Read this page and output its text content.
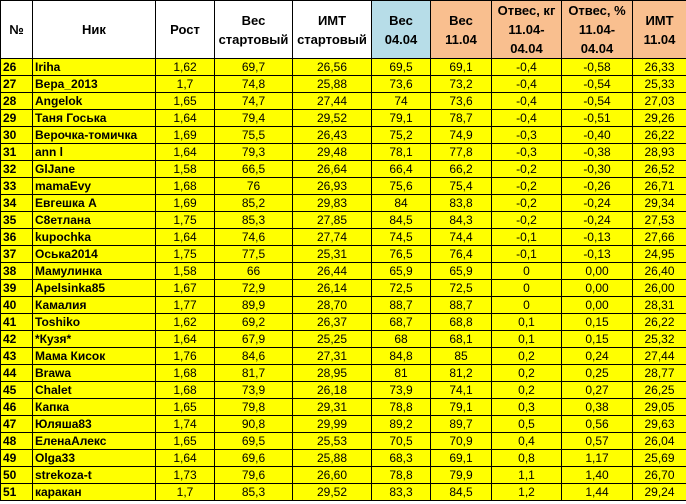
№	Ник	Рост	Вес стартовый	ИМТ стартовый	Вес 04.04	Вес 11.04	Отвес, кг 11.04-04.04	Отвес, % 11.04-04.04	ИМТ 11.04
26	Iriha	1,62	69,7	26,56	69,5	69,1	-0,4	-0,58	26,33
27	Вера_2013	1,7	74,8	25,88	73,6	73,2	-0,4	-0,54	25,33
28	Angelok	1,65	74,7	27,44	74	73,6	-0,4	-0,54	27,03
29	Таня Госька	1,64	79,4	29,52	79,1	78,7	-0,4	-0,51	29,26
30	Верочка-томичка	1,69	75,5	26,43	75,2	74,9	-0,3	-0,40	26,22
31	ann l	1,64	79,3	29,48	78,1	77,8	-0,3	-0,38	28,93
32	GlJane	1,58	66,5	26,64	66,4	66,2	-0,2	-0,30	26,52
33	mamaEvy	1,68	76	26,93	75,6	75,4	-0,2	-0,26	26,71
34	Евгешка А	1,69	85,2	29,83	84	83,8	-0,2	-0,24	29,34
35	С8етлана	1,75	85,3	27,85	84,5	84,3	-0,2	-0,24	27,53
36	kupochka	1,64	74,6	27,74	74,5	74,4	-0,1	-0,13	27,66
37	Оська2014	1,75	77,5	25,31	76,5	76,4	-0,1	-0,13	24,95
38	Мамулинка	1,58	66	26,44	65,9	65,9	0	0,00	26,40
39	Apelsinka85	1,67	72,9	26,14	72,5	72,5	0	0,00	26,00
40	Камалия	1,77	89,9	28,70	88,7	88,7	0	0,00	28,31
41	Toshiko	1,62	69,2	26,37	68,7	68,8	0,1	0,15	26,22
42	*Кузя*	1,64	67,9	25,25	68	68,1	0,1	0,15	25,32
43	Мама Кисок	1,76	84,6	27,31	84,8	85	0,2	0,24	27,44
44	Brawa	1,68	81,7	28,95	81	81,2	0,2	0,25	28,77
45	Chalet	1,68	73,9	26,18	73,9	74,1	0,2	0,27	26,25
46	Капка	1,65	79,8	29,31	78,8	79,1	0,3	0,38	29,05
47	Юляша83	1,74	90,8	29,99	89,2	89,7	0,5	0,56	29,63
48	ЕленаАлекс	1,65	69,5	25,53	70,5	70,9	0,4	0,57	26,04
49	Olga33	1,64	69,6	25,88	68,3	69,1	0,8	1,17	25,69
50	strekoza-t	1,73	79,6	26,60	78,8	79,9	1,1	1,40	26,70
51	каракан	1,7	85,3	29,52	83,3	84,5	1,2	1,44	29,24
